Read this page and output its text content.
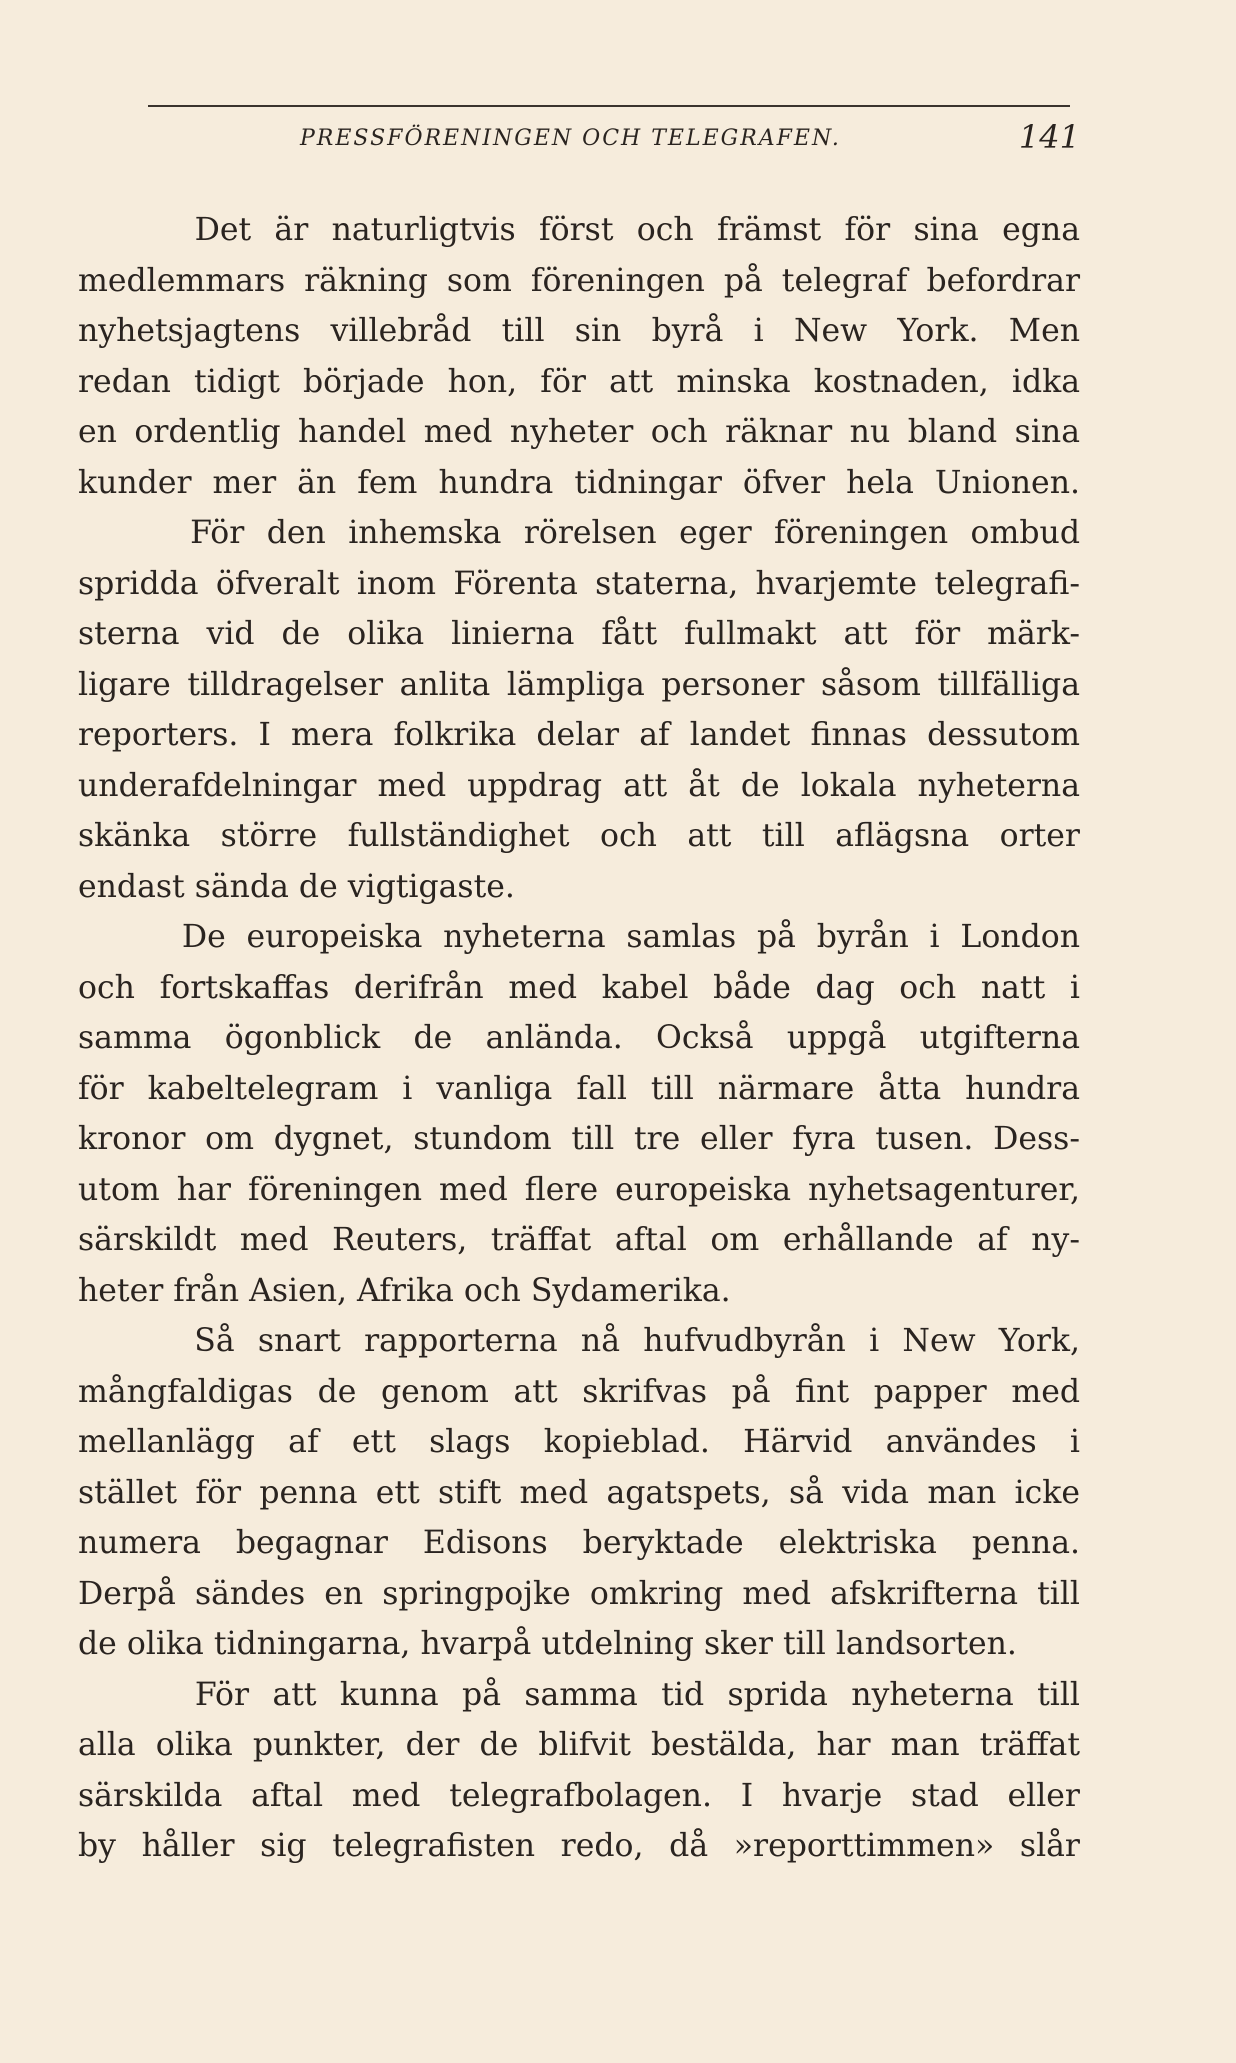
PRESSFÖRENINGEN OCH TELEGRAFEN.	141
Det är naturligtvis först och främst för sina egna
medlemmars räkning som föreningen på telegraf befordrar
nyhetsjagtens villebråd till sin byrå i New York. Men
redan tidigt började hon, för att minska kostnaden, idka
en ordentlig handel med nyheter och räknar nu bland sina
kunder mer än fem hundra tidningar öfver hela Unionen.
För den inhemska rörelsen eger föreningen ombud
spridda öfveralt inom Förenta staterna, hvarjemte telegrafi-
sterna vid de olika linierna fått fullmakt att för märk-
ligare tilldragelser anlita lämpliga personer såsom tillfälliga
reporters. I mera folkrika delar af landet finnas dessutom
underafdelningar med uppdrag att åt de lokala nyheterna
skänka större fullständighet och att till aflägsna orter
endast sända de vigtigaste.
De europeiska nyheterna samlas på byrån i London
och fortskaffas derifrån med kabel både dag och natt i
samma ögonblick de anlända. Också uppgå utgifterna
för kabeltelegram i vanliga fall till närmare åtta hundra
kronor om dygnet, stundom till tre eller fyra tusen. Dess-
utom har föreningen med flere europeiska nyhetsagenturer,
särskildt med Reuters, träffat aftal om erhållande af ny-
heter från Asien, Afrika och Sydamerika.
Så snart rapporterna nå hufvudbyrån i New York,
mångfaldigas de genom att skrifvas på fint papper med
mellanlägg af ett slags kopieblad. Härvid användes i
stället för penna ett stift med agatspets, så vida man icke
numera begagnar Edisons beryktade elektriska penna.
Derpå sändes en springpojke omkring med afskrifterna till
de olika tidningarna, hvarpå utdelning sker till landsorten.
För att kunna på samma tid sprida nyheterna till
alla olika punkter, der de blifvit bestälda, har man träffat
särskilda aftal med telegrafbolagen. I hvarje stad eller
by håller sig telegrafisten redo, då »reporttimmen» slår
